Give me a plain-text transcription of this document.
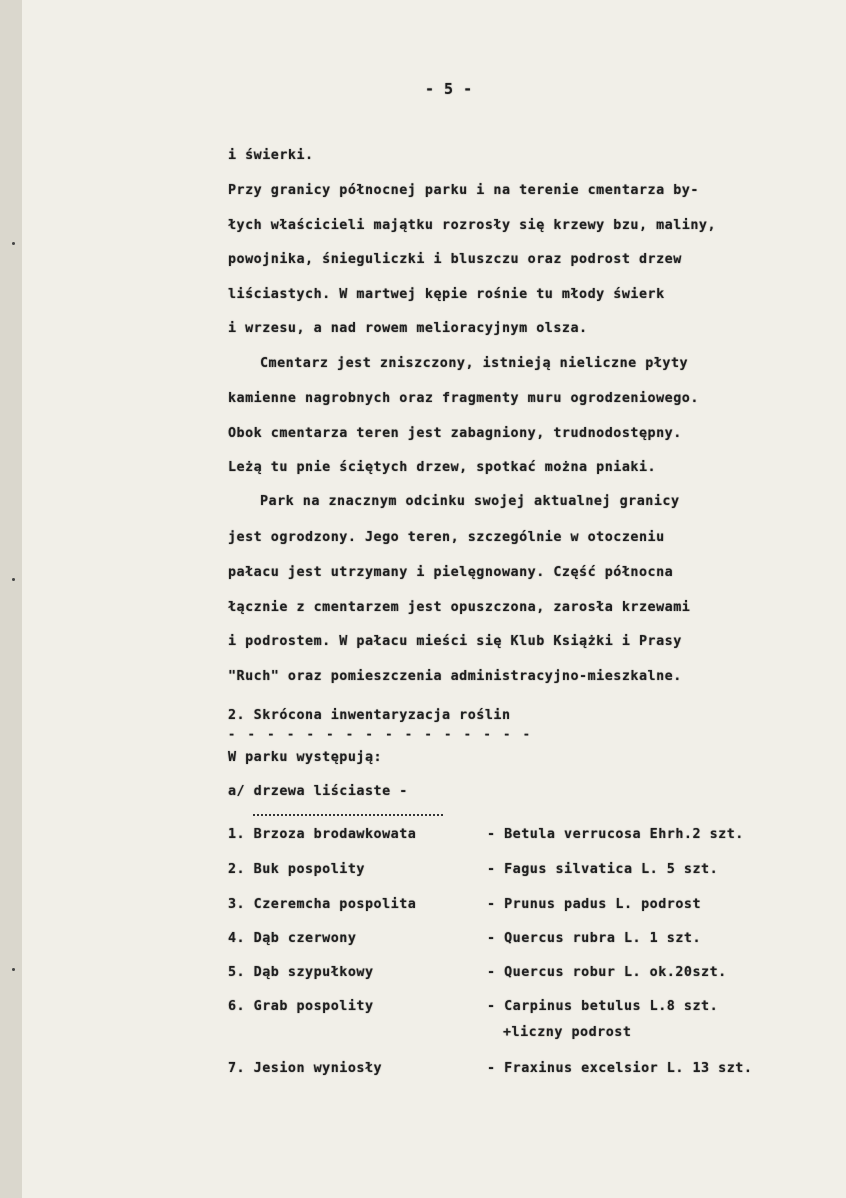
- 5 -
i świerki.
Przy granicy północnej parku i na terenie cmentarza by-
łych właścicieli majątku rozrosły się krzewy bzu, maliny,
powojnika, śnieguliczki i bluszczu oraz podrost drzew
liściastych. W martwej kępie rośnie tu młody świerk
i wrzesu, a nad rowem melioracyjnym olsza.
Cmentarz jest zniszczony, istnieją nieliczne płyty
kamienne nagrobnych oraz fragmenty muru ogrodzeniowego.
Obok cmentarza teren jest zabagniony, trudnodostępny.
Leżą tu pnie ściętych drzew, spotkać można pniaki.
Park na znacznym odcinku swojej aktualnej granicy
jest ogrodzony. Jego teren, szczególnie w otoczeniu
pałacu jest utrzymany i pielęgnowany. Część północna
łącznie z cmentarzem jest opuszczona, zarosła krzewami
i podrostem. W pałacu mieści się Klub Książki i Prasy
"Ruch" oraz pomieszczenia administracyjno-mieszkalne.
2. Skrócona inwentaryzacja roślin
- - - - - - - - - - - - - - - -
W parku występują:
a/ drzewa liściaste -
1. Brzoza brodawkowata	- Betula verrucosa Ehrh.2 szt.
2. Buk pospolity	- Fagus silvatica L. 5 szt.
3. Czeremcha pospolita	- Prunus padus L. podrost
4. Dąb czerwony	- Quercus rubra L. 1 szt.
5. Dąb szypułkowy	- Quercus robur L. ok.20szt.
6. Grab pospolity	- Carpinus betulus L.8 szt.
+liczny podrost
7. Jesion wyniosły	- Fraxinus excelsior L. 13 szt.
